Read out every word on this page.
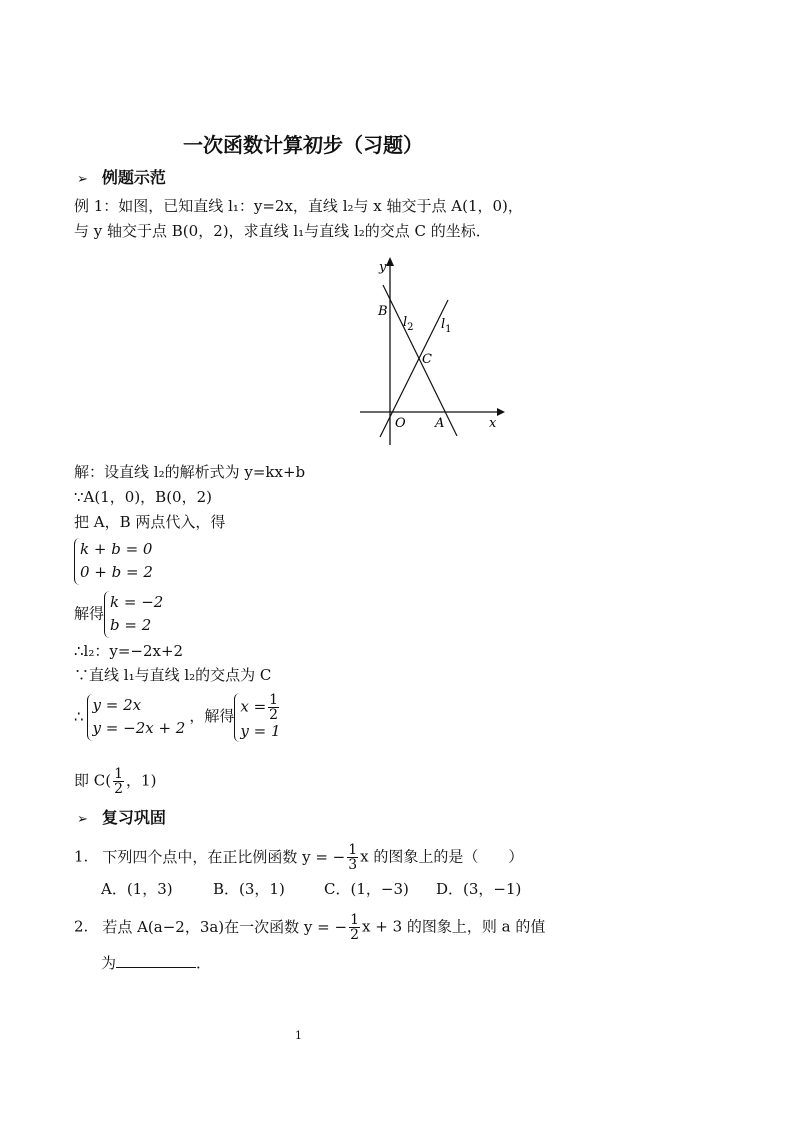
一次函数计算初步（习题）
➢ 例题示范
例 1：如图，已知直线 l₁：y=2x，直线 l₂与 x 轴交于点 A(1，0)，
与 y 轴交于点 B(0，2)，求直线 l₁与直线 l₂的交点 C 的坐标．
y
x
O A
B
C
$l_2$ $l_1$
解：设直线 l₂的解析式为 y=kx+b
∵A(1，0)，B(0，2)
把 A，B 两点代入，得
k + b = 0
0 + b = 2
解得
k = −2
b = 2
∴l₂：y=−2x+2
∵直线 l₁与直线 l₂的交点为 C
∴
y = 2x
y = −2x + 2
，解得
$x = \frac{1}{2}$
y = 1
即 $C( \frac{1}{2}$ ，1)
➢ 复习巩固
1. 下列四个点中，在正比例函数 y = − $\frac{1}{3}$ x 的图象上的是（　　）
A．(1，3)	B．(3，1)	C．(1，−3) D．(3，−1)
2. 若点 A(a−2，3a)在一次函数 y = − $\frac{1}{2}$ x + 3 的图象上，则 a 的值
为	．
1
